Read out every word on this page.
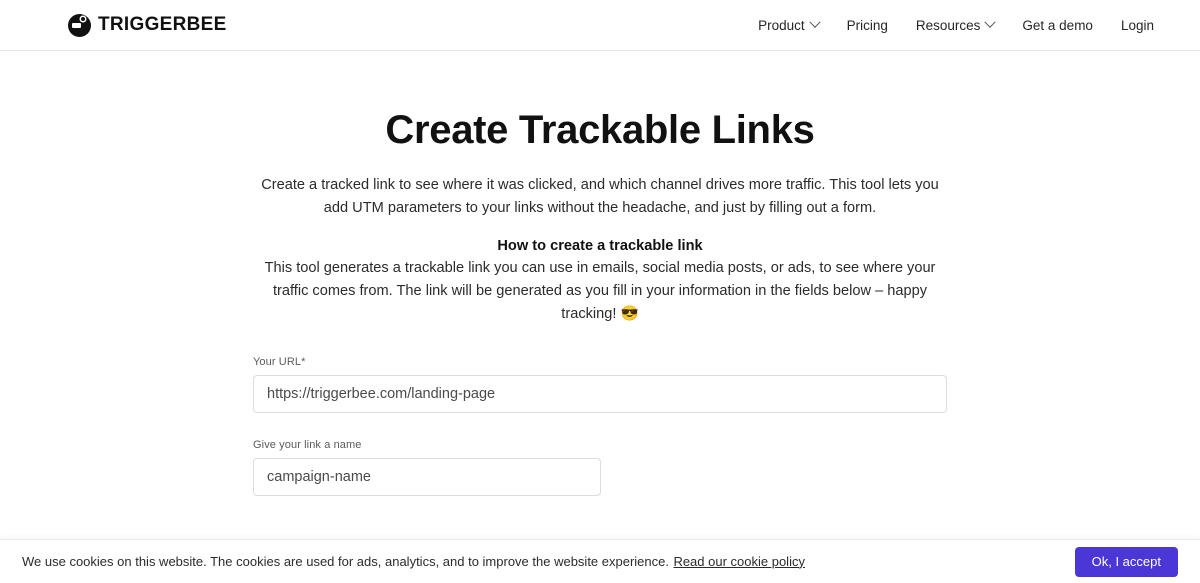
TRIGGERBEE	Product	Pricing Resources	Get a demo Login
Create Trackable Links

Create a tracked link to see where it was clicked, and which channel drives more traffic. This tool lets you add UTM parameters to your links without the headache, and just by filling out a form.

How to create a trackable link

This tool generates a trackable link you can use in emails, social media posts, or ads, to see where your traffic comes from. The link will be generated as you fill in your information in the fields below – happy tracking! 😎

Your URL*
https://triggerbee.com/landing-page
Give your link a name
campaign-name
We use cookies on this website. The cookies are used for ads, analytics, and to improve the website experience. Read our cookie policy	Ok, I accept
